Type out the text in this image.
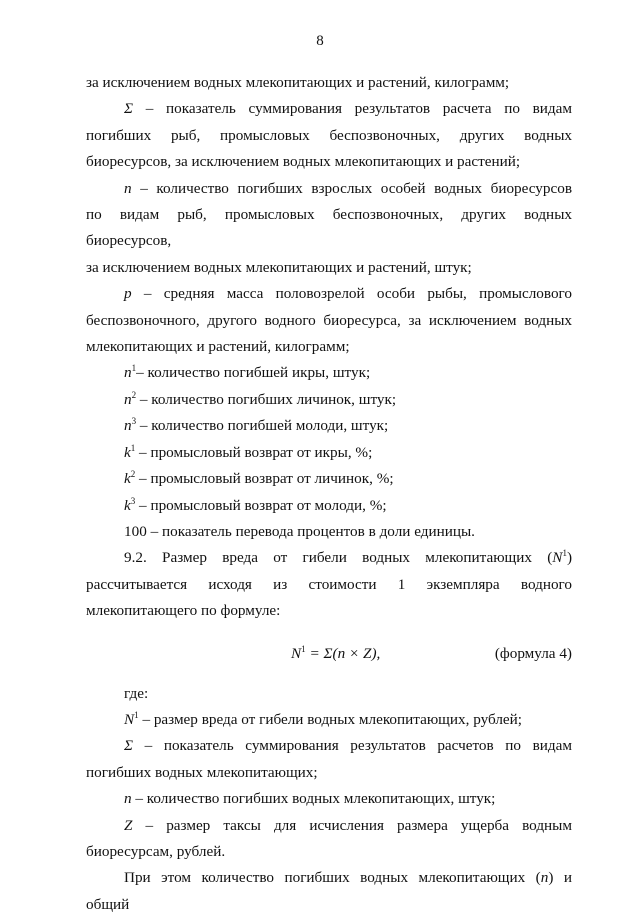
8

за исключением водных млекопитающих и растений, килограмм;

Σ – показатель суммирования результатов расчета по видам

погибших рыб, промысловых беспозвоночных, других водных

биоресурсов, за исключением водных млекопитающих и растений;

n – количество погибших взрослых особей водных биоресурсов

по видам рыб, промысловых беспозвоночных, других водных биоресурсов,

за исключением водных млекопитающих и растений, штук;

p – средняя масса половозрелой особи рыбы, промыслового

беспозвоночного, другого водного биоресурса, за исключением водных

млекопитающих и растений, килограмм;

$n^1-$ количество погибшей икры, штук;

$n^2$ – количество погибших личинок, штук;

$n^3$ – количество погибшей молоди, штук;

$k^1$ – промысловый возврат от икры, %;

$k^2$ – промысловый возврат от личинок, %;

$k^3$ – промысловый возврат от молоди, %;

100 – показатель перевода процентов в доли единицы.

9.2. Размер вреда от гибели водных млекопитающих $(N^1)$

рассчитывается исходя из стоимости 1 экземпляра водного

млекопитающего по формуле:

$N^1 = \Sigma(n \times Z)$,	(формула 4)

где:

$N^1$ – размер вреда от гибели водных млекопитающих, рублей;

Σ – показатель суммирования результатов расчетов по видам

погибших водных млекопитающих;

n – количество погибших водных млекопитающих, штук;

Z – размер таксы для исчисления размера ущерба водным

биоресурсам, рублей.

При этом количество погибших водных млекопитающих (n) и общий
